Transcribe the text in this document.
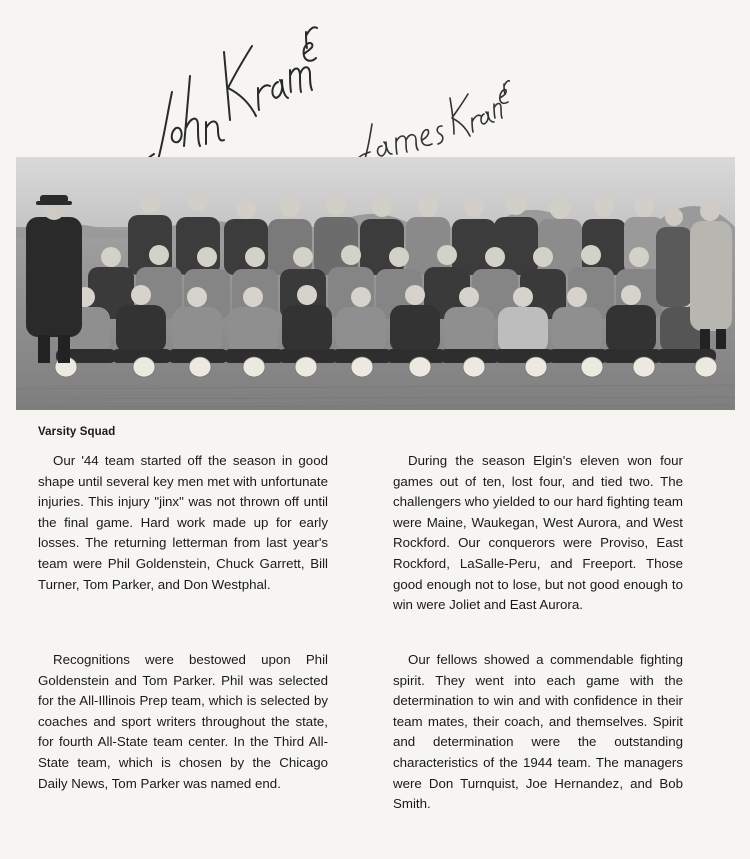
Varsity Squad

Our '44 team started off the season in good shape until several key men met with unfortunate injuries. This injury "jinx" was not thrown off until the final game. Hard work made up for early losses. The returning letterman from last year's team were Phil Goldenstein, Chuck Garrett, Bill Turner, Tom Parker, and Don Westphal.

Recognitions were bestowed upon Phil Goldenstein and Tom Parker. Phil was selected for the All-Illinois Prep team, which is selected by coaches and sport writers throughout the state, for fourth All-State team center. In the Third All-State team, which is chosen by the Chicago Daily News, Tom Parker was named end.

During the season Elgin's eleven won four games out of ten, lost four, and tied two. The challengers who yielded to our hard fighting team were Maine, Waukegan, West Aurora, and West Rockford. Our conquerors were Proviso, East Rockford, LaSalle-Peru, and Freeport. Those good enough not to lose, but not good enough to win were Joliet and East Aurora.

Our fellows showed a commendable fighting spirit. They went into each game with the determination to win and with confidence in their team mates, their coach, and themselves. Spirit and determination were the outstanding characteristics of the 1944 team. The managers were Don Turnquist, Joe Hernandez, and Bob Smith.
